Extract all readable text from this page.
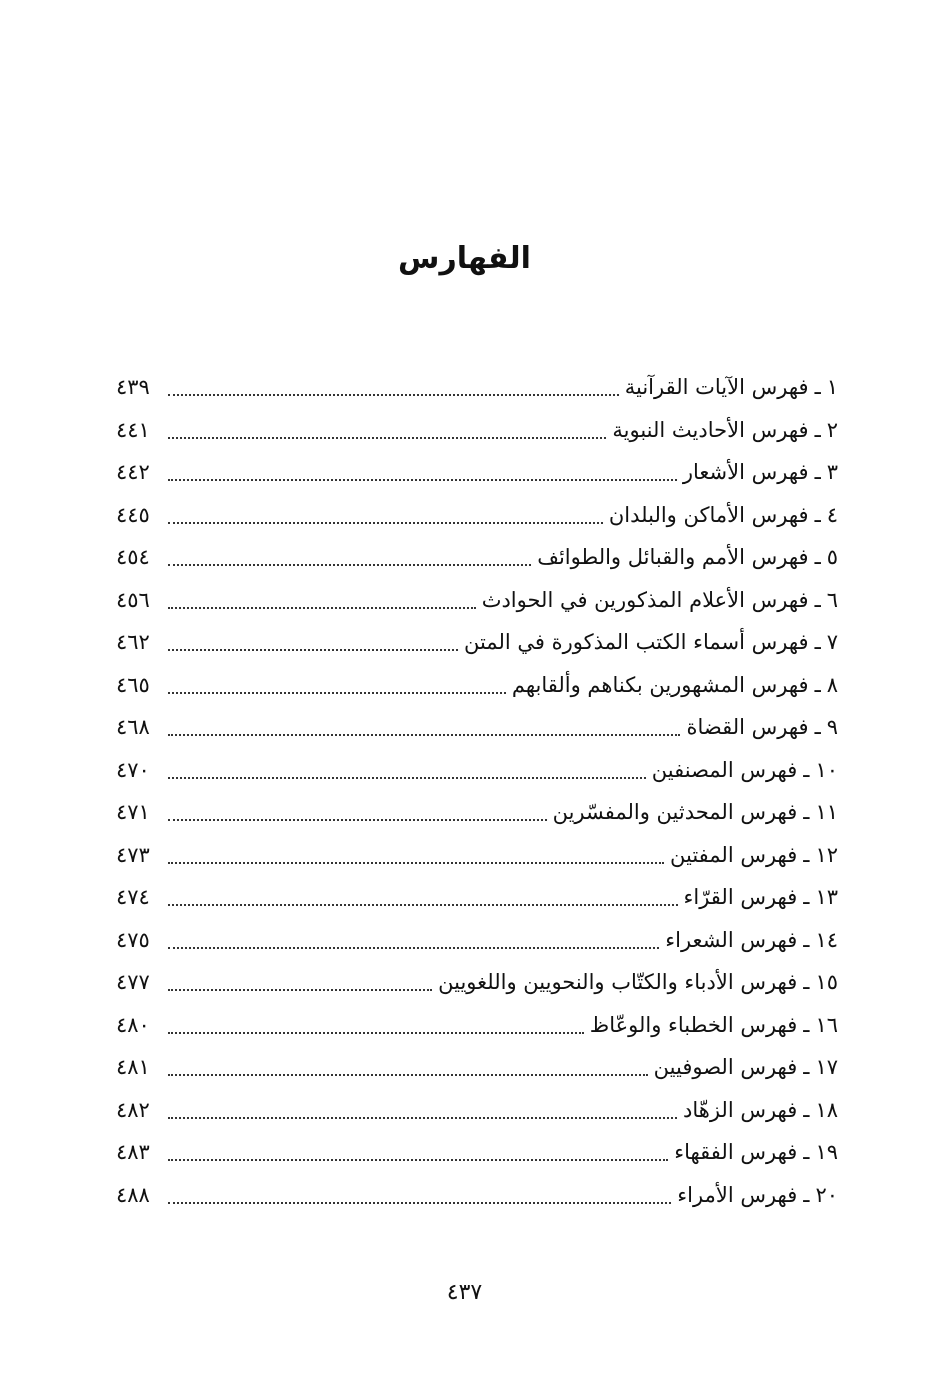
الفهارس
١
ـ
فهرس الآيات القرآنية
٤٣٩
٢
ـ
فهرس الأحاديث النبوية
٤٤١
٣
ـ
فهرس الأشعار
٤٤٢
٤
ـ
فهرس الأماكن والبلدان
٤٤٥
٥
ـ
فهرس الأمم والقبائل والطوائف
٤٥٤
٦
ـ
فهرس الأعلام المذكورين في الحوادث
٤٥٦
٧
ـ
فهرس أسماء الكتب المذكورة في المتن
٤٦٢
٨
ـ
فهرس المشهورين بكناهم وألقابهم
٤٦٥
٩
ـ
فهرس القضاة
٤٦٨
١٠
ـ
فهرس المصنفين
٤٧٠
١١
ـ
فهرس المحدثين والمفسّرين
٤٧١
١٢
ـ
فهرس المفتين
٤٧٣
١٣
ـ
فهرس القرّاء
٤٧٤
١٤
ـ
فهرس الشعراء
٤٧٥
١٥
ـ
فهرس الأدباء والكتّاب والنحويين واللغويين
٤٧٧
١٦
ـ
فهرس الخطباء والوعّاظ
٤٨٠
١٧
ـ
فهرس الصوفيين
٤٨١
١٨
ـ
فهرس الزهّاد
٤٨٢
١٩
ـ
فهرس الفقهاء
٤٨٣
٢٠
ـ
فهرس الأمراء
٤٨٨
٤٣٧
